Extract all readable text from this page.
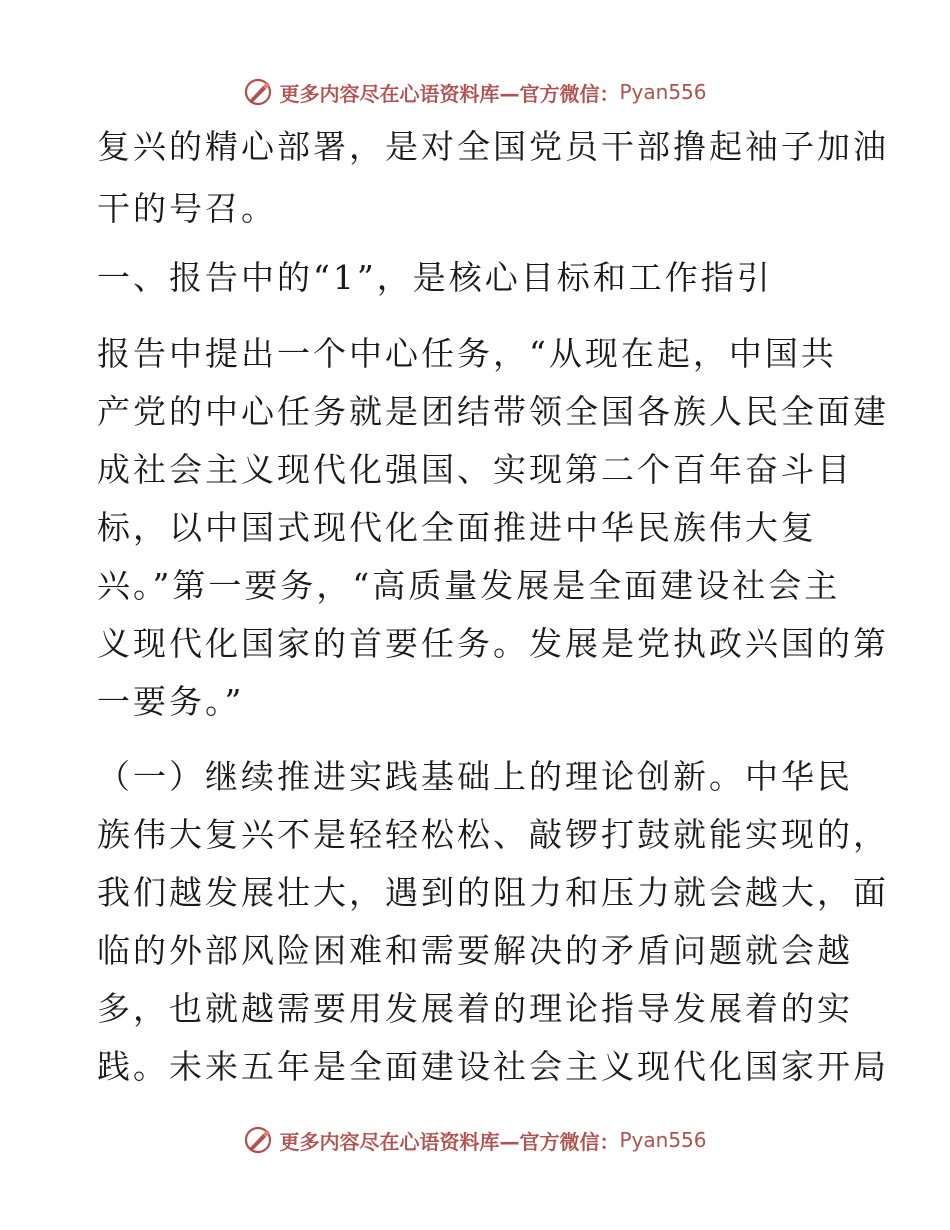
更多内容尽在心语资料库—官方微信： Pyan556
复兴的精心部署，是对全国党员干部撸起袖子加油
干的号召。
一、报告中的“1”，是核心目标和工作指引
报告中提出一个中心任务，“从现在起，中国共
产党的中心任务就是团结带领全国各族人民全面建
成社会主义现代化强国、实现第二个百年奋斗目
标，以中国式现代化全面推进中华民族伟大复
兴。”第一要务，“高质量发展是全面建设社会主
义现代化国家的首要任务。发展是党执政兴国的第
一要务。”
（一）继续推进实践基础上的理论创新。中华民
族伟大复兴不是轻轻松松、敲锣打鼓就能实现的，
我们越发展壮大，遇到的阻力和压力就会越大，面
临的外部风险困难和需要解决的矛盾问题就会越
多，也就越需要用发展着的理论指导发展着的实
践。未来五年是全面建设社会主义现代化国家开局
更多内容尽在心语资料库—官方微信： Pyan556
